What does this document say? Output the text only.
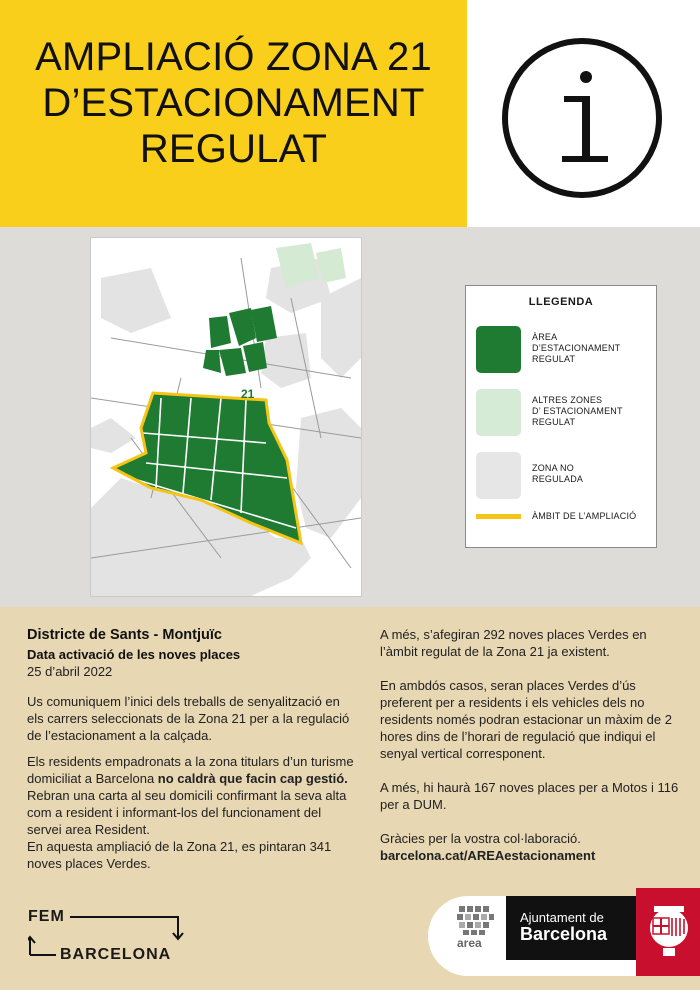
AMPLIACIÓ ZONA 21
D’ESTACIONAMENT
REGULAT
21
LLEGENDA
ÀREA
D’ESTACIONAMENT
REGULAT
ALTRES ZONES
D’ ESTACIONAMENT
REGULAT
ZONA NO
REGULADA
ÀMBIT DE L’AMPLIACIÓ

Districte de Sants - Montjuïc

Data activació de les noves places

25 d’abril 2022

Us comuniquem l’inici dels treballs de senyalització en els carrers seleccionats de la Zona 21 per a la regulació de l’estacionament a la calçada.

Els residents empadronats a la zona titulars d’un turisme domiciliat a Barcelona no caldrà que facin cap gestió. Rebran una carta al seu domicili confirmant la seva alta com a resident i informant-los del funcionament del servei area Resident.

En aquesta ampliació de la Zona 21, es pintaran 341 noves places Verdes.

A més, s’afegiran 292 noves places Verdes en l’àmbit regulat de la Zona 21 ja existent.

En ambdós casos, seran places Verdes d’ús preferent per a residents i els vehicles dels no residents només podran estacionar un màxim de 2 hores dins de l’horari de regulació que indiqui el senyal vertical corresponent.

A més, hi haurà 167 noves places per a Motos i 116 per a DUM.

Gràcies per la vostra col·laboració.

barcelona.cat/AREAestacionament

FEM
BARCELONA
area
Ajuntament de
Barcelona
